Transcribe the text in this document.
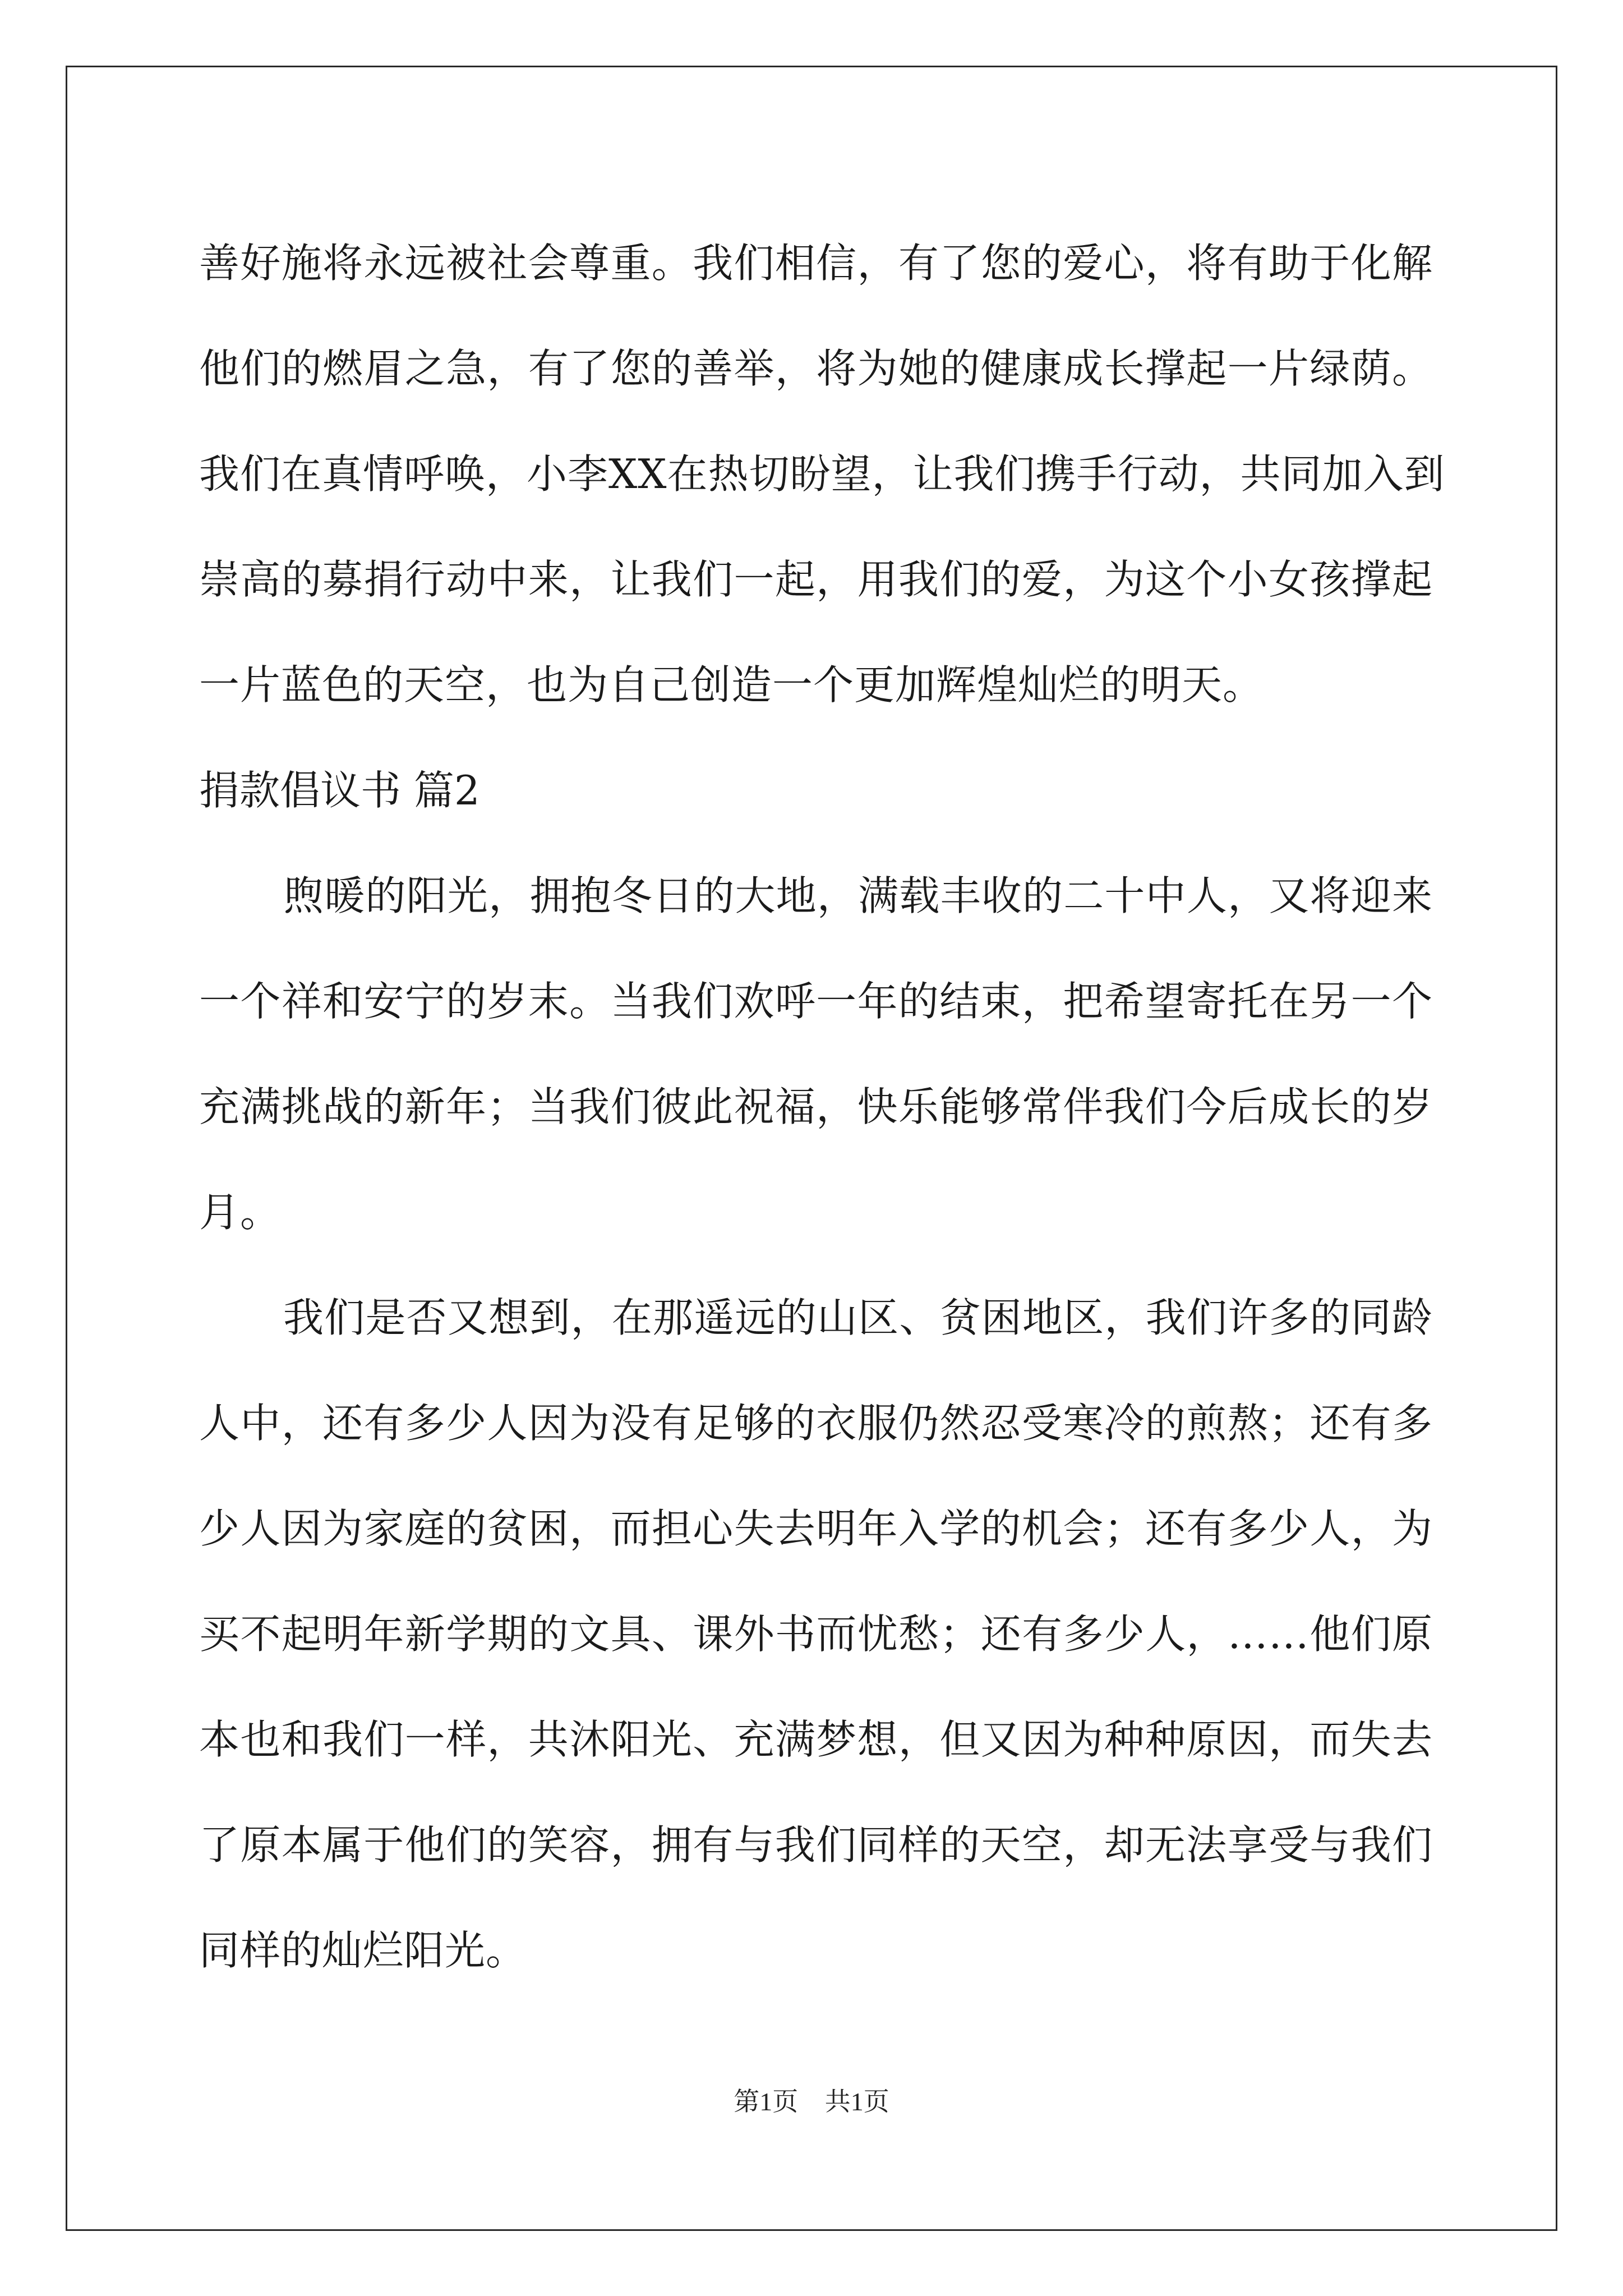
善好施将永远被社会尊重。我们相信，有了您的爱心，将有助于化解
他们的燃眉之急，有了您的善举，将为她的健康成长撑起一片绿荫。
我们在真情呼唤，小李XX在热切盼望，让我们携手行动，共同加入到
崇高的募捐行动中来，让我们一起，用我们的爱，为这个小女孩撑起
一片蓝色的天空，也为自己创造一个更加辉煌灿烂的明天。
捐款倡议书 篇2
煦暖的阳光，拥抱冬日的大地，满载丰收的二十中人，又将迎来
一个祥和安宁的岁末。当我们欢呼一年的结束，把希望寄托在另一个
充满挑战的新年；当我们彼此祝福，快乐能够常伴我们今后成长的岁
月。
我们是否又想到，在那遥远的山区、贫困地区，我们许多的同龄
人中，还有多少人因为没有足够的衣服仍然忍受寒冷的煎熬；还有多
少人因为家庭的贫困，而担心失去明年入学的机会；还有多少人，为
买不起明年新学期的文具、课外书而忧愁；还有多少人，……他们原
本也和我们一样，共沐阳光、充满梦想，但又因为种种原因，而失去
了原本属于他们的笑容，拥有与我们同样的天空，却无法享受与我们
同样的灿烂阳光。
第1页 共1页
